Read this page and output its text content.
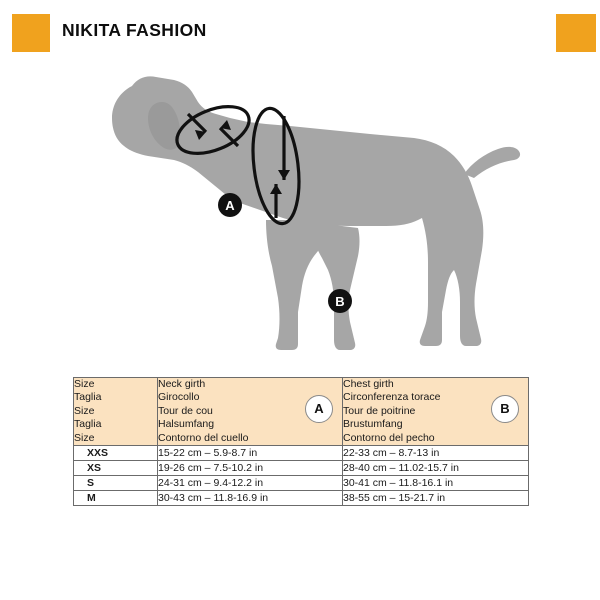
NIKITA FASHION
A
B
Size
Taglia
Size
Taglia
Size

Neck girth
Girocollo
Tour de cou
Halsumfang
Contorno del cuello
A

Chest girth
Circonferenza torace
Tour de poitrine
Brustumfang
Contorno del pecho
B

XXS	15-22 cm – 5.9-8.7 in	22-33 cm – 8.7-13 in
XS	19-26 cm – 7.5-10.2 in	28-40 cm – 11.02-15.7 in
S	24-31 cm – 9.4-12.2 in	30-41 cm – 11.8-16.1 in
M	30-43 cm – 11.8-16.9 in	38-55 cm – 15-21.7 in
